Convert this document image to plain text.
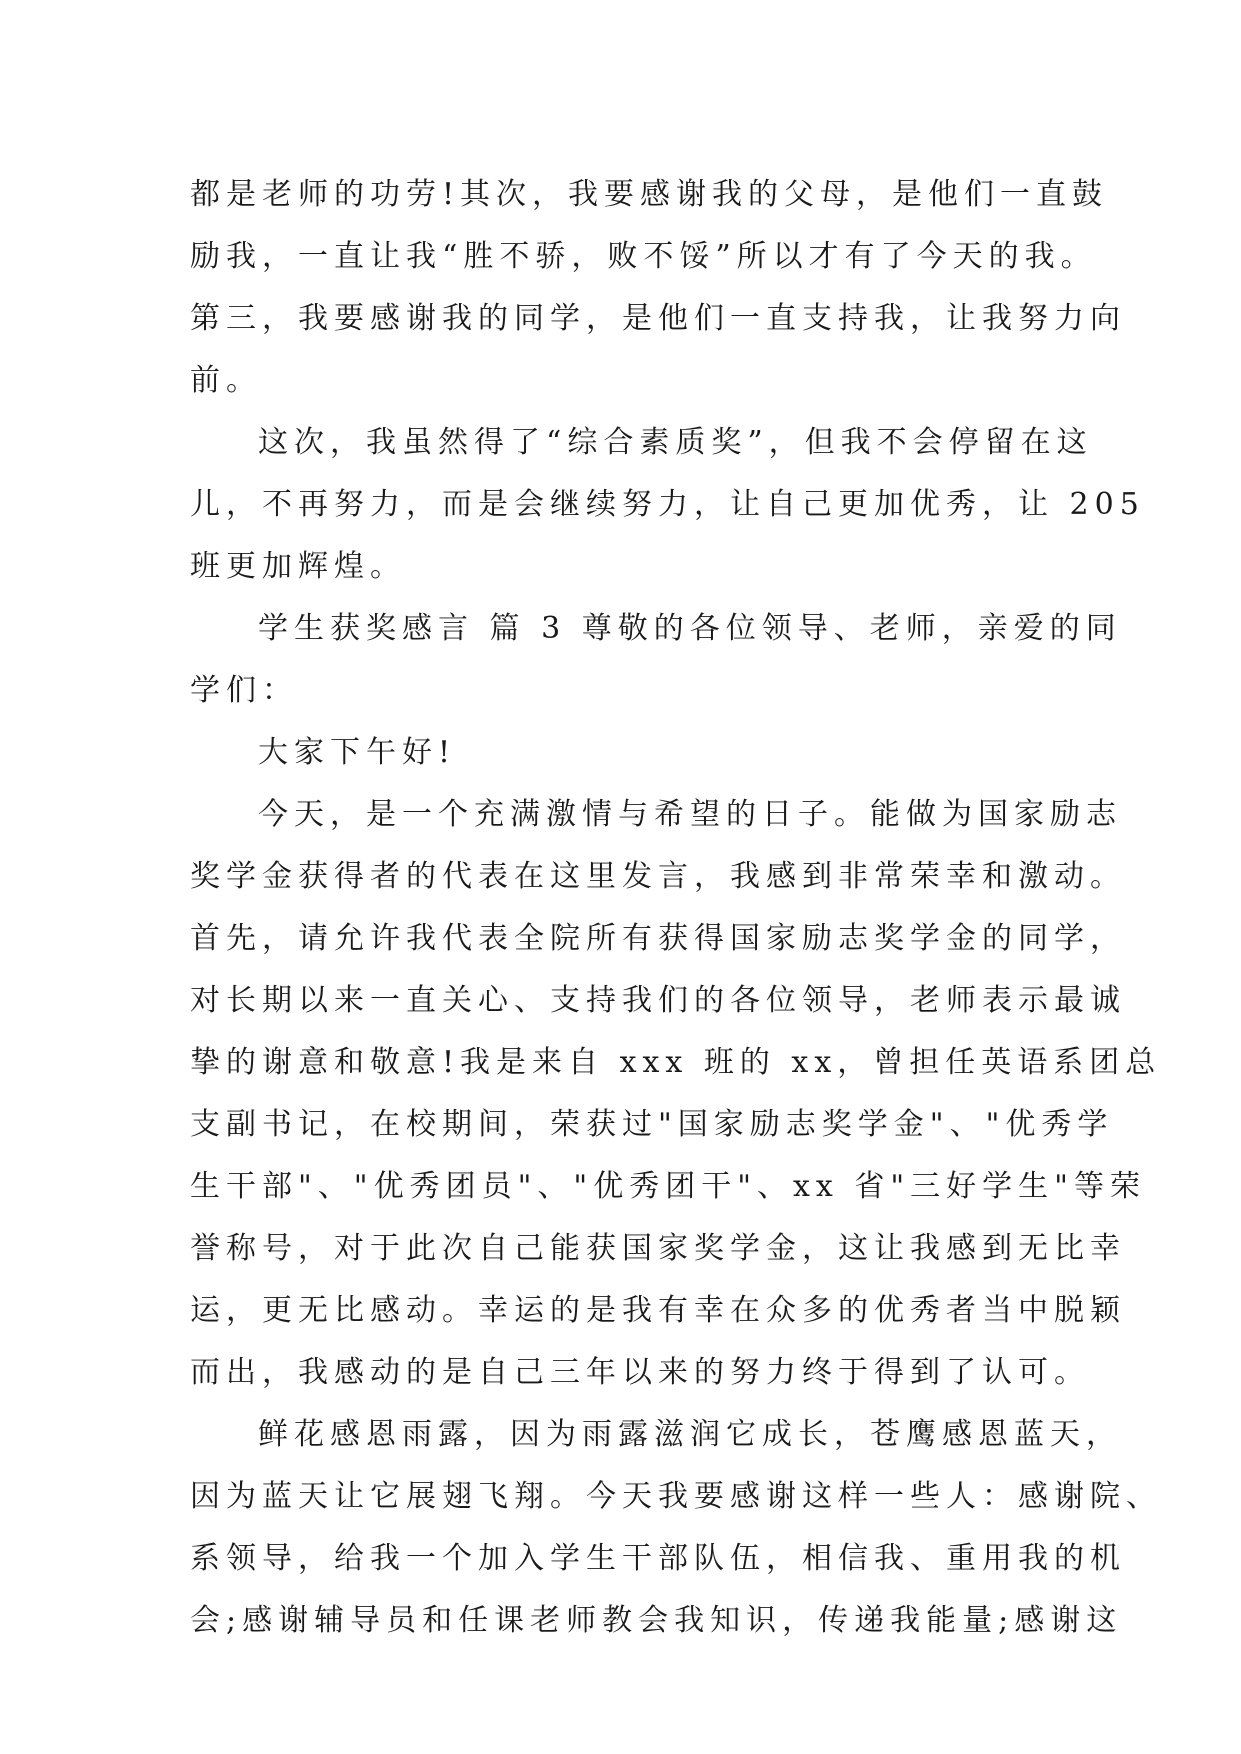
都是老师的功劳!其次，我要感谢我的父母，是他们一直鼓
励我，一直让我“胜不骄，败不馁”所以才有了今天的我。
第三，我要感谢我的同学，是他们一直支持我，让我努力向
前。
这次，我虽然得了“综合素质奖”，但我不会停留在这
儿，不再努力，而是会继续努力，让自己更加优秀，让 205
班更加辉煌。
学生获奖感言 篇 3 尊敬的各位领导、老师，亲爱的同
学们：
大家下午好!
今天，是一个充满激情与希望的日子。能做为国家励志
奖学金获得者的代表在这里发言，我感到非常荣幸和激动。
首先，请允许我代表全院所有获得国家励志奖学金的同学，
对长期以来一直关心、支持我们的各位领导，老师表示最诚
挚的谢意和敬意!我是来自 xxx 班的 xx，曾担任英语系团总
支副书记，在校期间，荣获过"国家励志奖学金"、"优秀学
生干部"、"优秀团员"、"优秀团干"、xx 省"三好学生"等荣
誉称号，对于此次自己能获国家奖学金，这让我感到无比幸
运，更无比感动。幸运的是我有幸在众多的优秀者当中脱颖
而出，我感动的是自己三年以来的努力终于得到了认可。
鲜花感恩雨露，因为雨露滋润它成长，苍鹰感恩蓝天，
因为蓝天让它展翅飞翔。今天我要感谢这样一些人：感谢院、
系领导，给我一个加入学生干部队伍，相信我、重用我的机
会;感谢辅导员和任课老师教会我知识，传递我能量;感谢这
